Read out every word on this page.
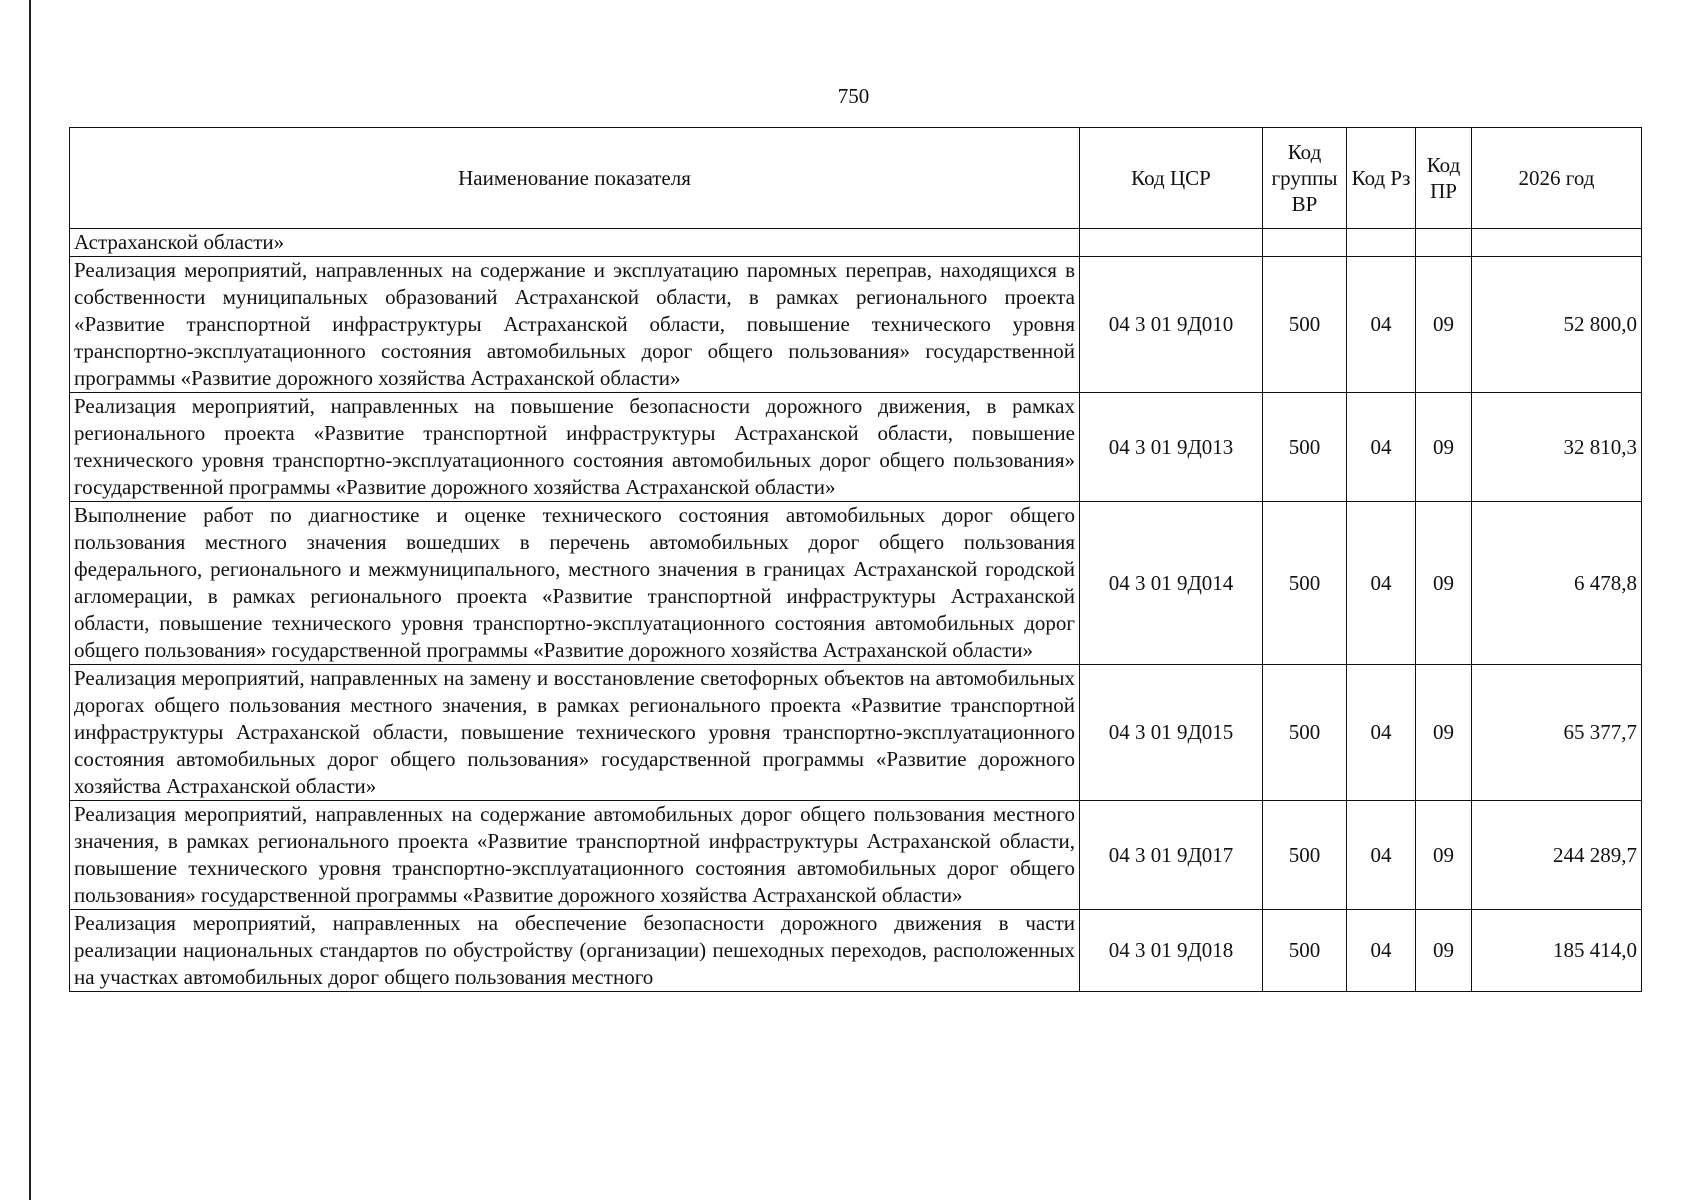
750
Наименование показателя	Код ЦСР	Код группы ВР	Код Рз	Код ПР	2026 год
Астраханской области»					
Реализация мероприятий, направленных на содержание и эксплуатацию паромных переправ, находящихся в собственности муниципальных образований Астраханской области, в рамках регионального проекта «Развитие транспортной инфраструктуры Астраханской области, повышение технического уровня транспортно-эксплуатационного состояния автомобильных дорог общего пользования» государственной программы «Развитие дорожного хозяйства Астраханской области»	04 3 01 9Д010	500	04	09	52 800,0
Реализация мероприятий, направленных на повышение безопасности дорожного движения, в рамках регионального проекта «Развитие транспортной инфраструктуры Астраханской области, повышение технического уровня транспортно-эксплуатационного состояния автомобильных дорог общего пользования» государственной программы «Развитие дорожного хозяйства Астраханской области»	04 3 01 9Д013	500	04	09	32 810,3
Выполнение работ по диагностике и оценке технического состояния автомобильных дорог общего пользования местного значения вошедших в перечень автомобильных дорог общего пользования федерального, регионального и межмуниципального, местного значения в границах Астраханской городской агломерации, в рамках регионального проекта «Развитие транспортной инфраструктуры Астраханской области, повышение технического уровня транспортно-эксплуатационного состояния автомобильных дорог общего пользования» государственной программы «Развитие дорожного хозяйства Астраханской области»	04 3 01 9Д014	500	04	09	6 478,8
Реализация мероприятий, направленных на замену и восстановление светофорных объектов на автомобильных дорогах общего пользования местного значения, в рамках регионального проекта «Развитие транспортной инфраструктуры Астраханской области, повышение технического уровня транспортно-эксплуатационного состояния автомобильных дорог общего пользования» государственной программы «Развитие дорожного хозяйства Астраханской области»	04 3 01 9Д015	500	04	09	65 377,7
Реализация мероприятий, направленных на содержание автомобильных дорог общего пользования местного значения, в рамках регионального проекта «Развитие транспортной инфраструктуры Астраханской области, повышение технического уровня транспортно-эксплуатационного состояния автомобильных дорог общего пользования» государственной программы «Развитие дорожного хозяйства Астраханской области»	04 3 01 9Д017	500	04	09	244 289,7
Реализация мероприятий, направленных на обеспечение безопасности дорожного движения в части реализации национальных стандартов по обустройству (организации) пешеходных переходов, расположенных на участках автомобильных дорог общего пользования местного	04 3 01 9Д018	500	04	09	185 414,0
